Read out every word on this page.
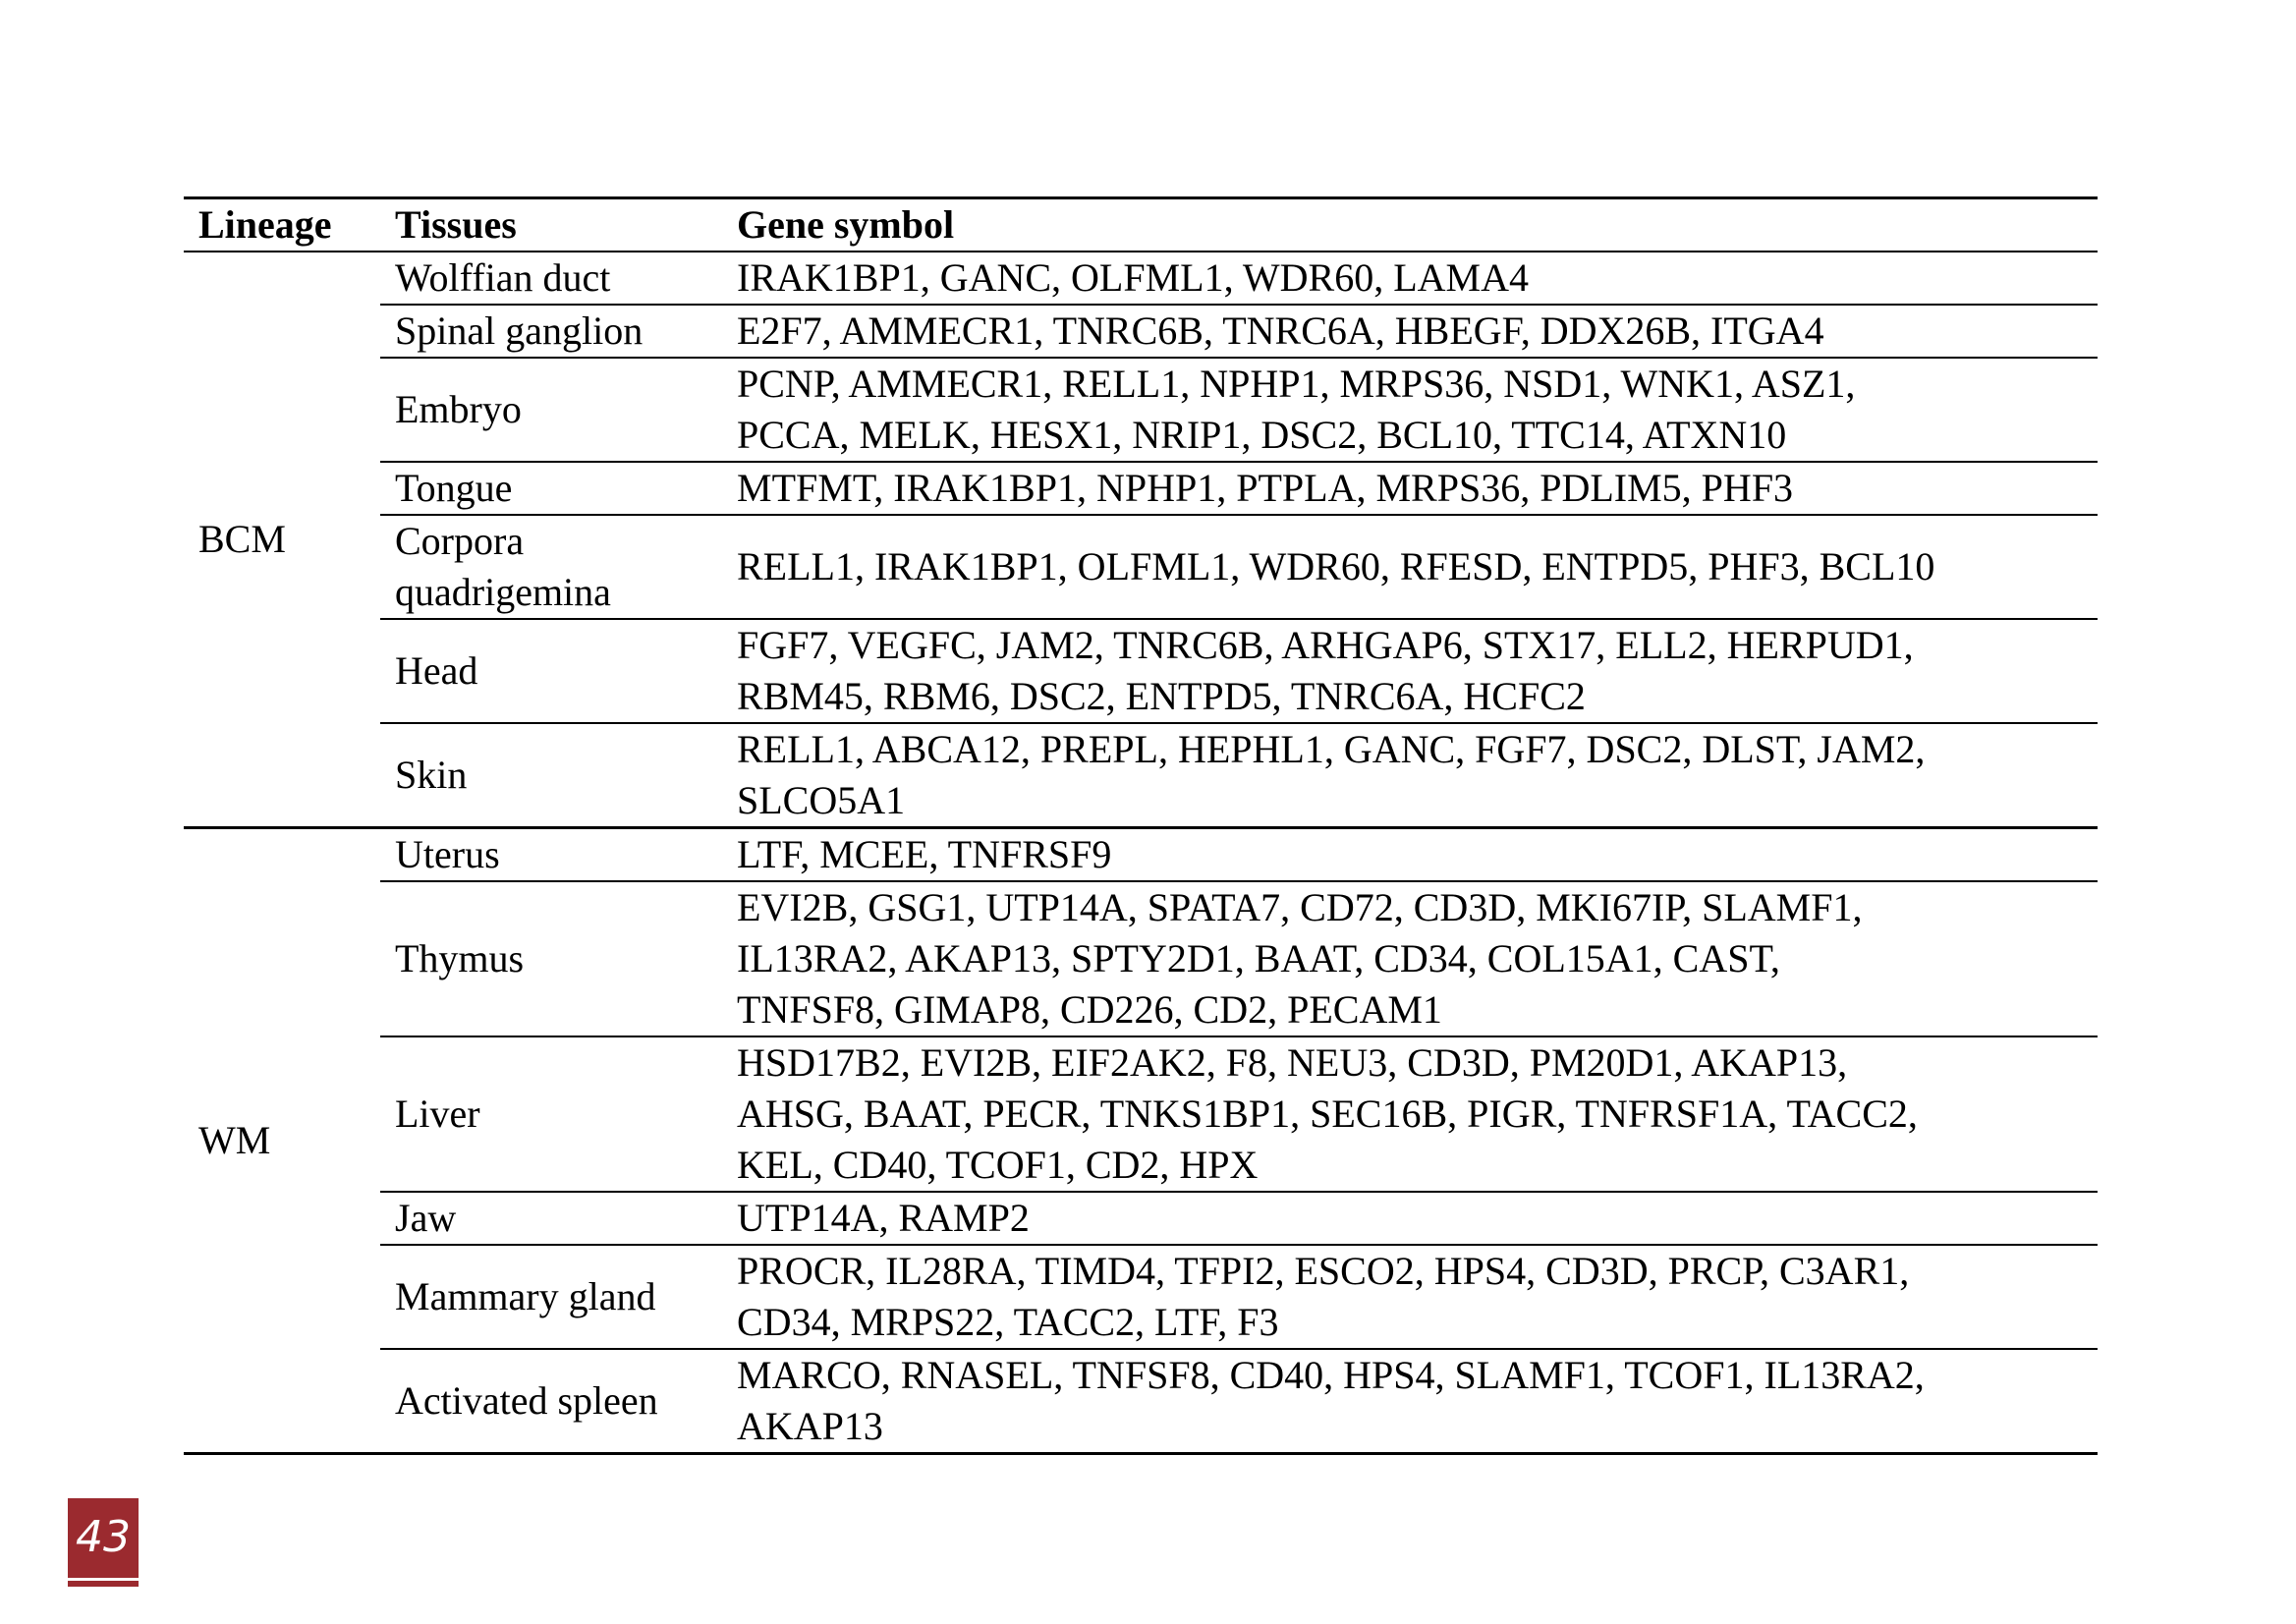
Lineage	Tissues	Gene symbol
BCM	Wolffian duct	IRAK1BP1, GANC, OLFML1, WDR60, LAMA4

	Spinal ganglion	E2F7, AMMECR1, TNRC6B, TNRC6A, HBEGF, DDX26B, ITGA4

	Embryo	PCNP, AMMECR1, RELL1, NPHP1, MRPS36, NSD1, WNK1, ASZ1,
PCCA, MELK, HESX1, NRIP1, DSC2, BCL10, TTC14, ATXN10

	Tongue	MTFMT, IRAK1BP1, NPHP1, PTPLA, MRPS36, PDLIM5, PHF3

	Corpora
quadrigemina	RELL1, IRAK1BP1, OLFML1, WDR60, RFESD, ENTPD5, PHF3, BCL10

	Head	FGF7, VEGFC, JAM2, TNRC6B, ARHGAP6, STX17, ELL2, HERPUD1,
RBM45, RBM6, DSC2, ENTPD5, TNRC6A, HCFC2

	Skin	RELL1, ABCA12, PREPL, HEPHL1, GANC, FGF7, DSC2, DLST, JAM2,
SLCO5A1

WM	Uterus	LTF, MCEE, TNFRSF9

	Thymus	EVI2B, GSG1, UTP14A, SPATA7, CD72, CD3D, MKI67IP, SLAMF1,
IL13RA2, AKAP13, SPTY2D1, BAAT, CD34, COL15A1, CAST,
TNFSF8, GIMAP8, CD226, CD2, PECAM1

	Liver	HSD17B2, EVI2B, EIF2AK2, F8, NEU3, CD3D, PM20D1, AKAP13,
AHSG, BAAT, PECR, TNKS1BP1, SEC16B, PIGR, TNFRSF1A, TACC2,
KEL, CD40, TCOF1, CD2, HPX

	Jaw	UTP14A, RAMP2

	Mammary gland	PROCR, IL28RA, TIMD4, TFPI2, ESCO2, HPS4, CD3D, PRCP, C3AR1,
CD34, MRPS22, TACC2, LTF, F3

	Activated spleen	MARCO, RNASEL, TNFSF8, CD40, HPS4, SLAMF1, TCOF1, IL13RA2,
AKAP13
43
